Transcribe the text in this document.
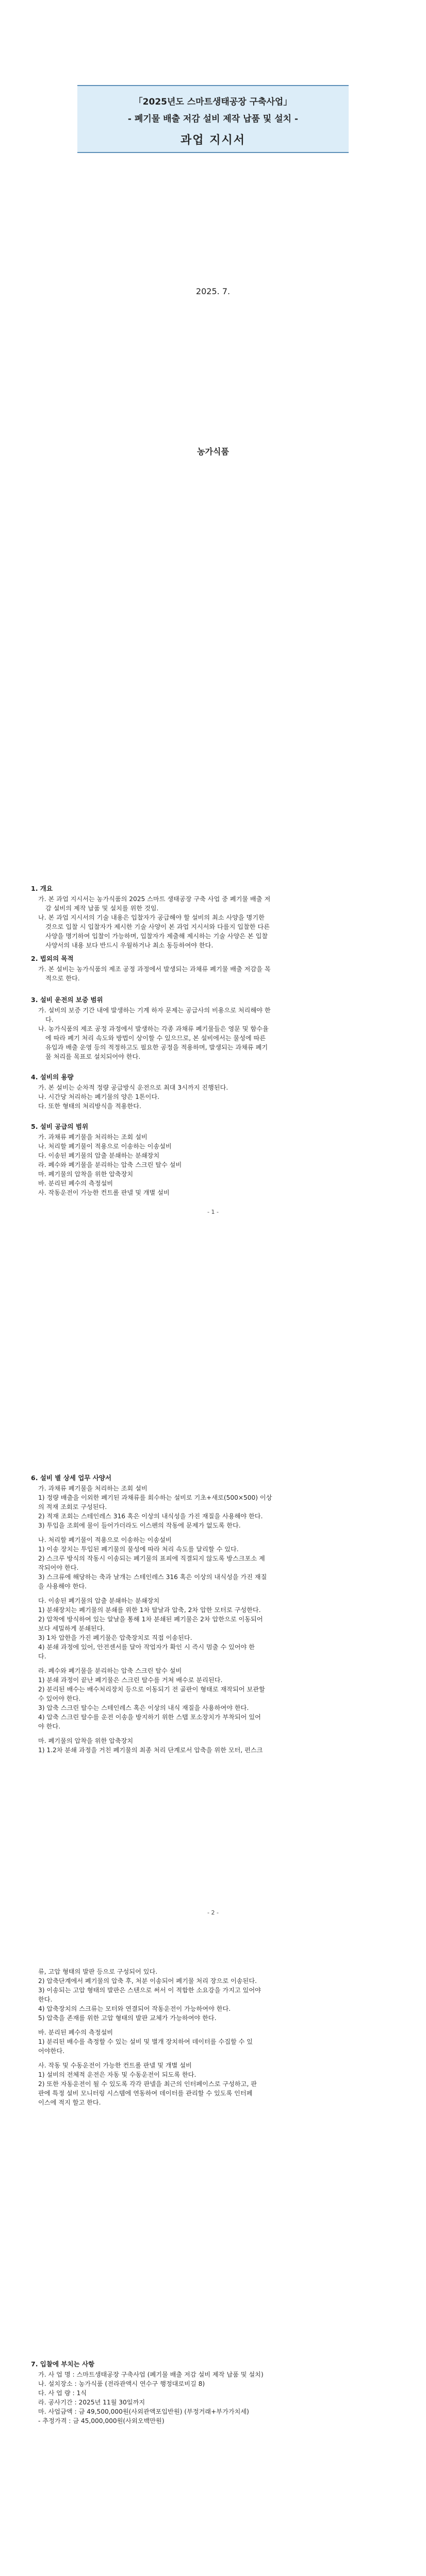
「2025년도 스마트생태공장 구축사업」
- 폐기물 배출 저감 설비 제작 납품 및 설치 -
과업 지시서
2025. 7.
농가식품
1. 개요

가. 본 과업 지시서는 농가식품의 2025 스마트 생태공장 구축 사업 중 폐기물 배출 저

감 설비의 제작 납품 및 설치를 위한 것임.

나. 본 과업 지시서의 기술 내용은 입찰자가 공급해야 할 설비의 최소 사양을 명기한

것으로 입찰 시 입찰자가 제시한 기술 사양이 본 과업 지시서와 다를지 입찰한 다른

사양을 명기하여 입찰이 가능하며, 입찰자가 제출해 제시하는 기술 사양은 본 입찰

사양서의 내용 보다 반드시 우월하거나 최소 동등하여야 한다.

2. 법외의 목적

가. 본 설비는 농가식품의 제조 공정 과정에서 발생되는 과채류 폐기물 배출 저감을 목

적으로 한다.

3. 설비 운전의 보증 범위

가. 설비의 보증 기간 내에 발생하는 기계 하자 문제는 공급사의 비용으로 처리해야 한

다.

나. 농가식품의 제조 공정 과정에서 발생하는 각종 과채류 폐기물들은 영문 및 함수율

에 따라 폐기 처리 속도와 방법이 상이할 수 있으므로, 본 설비에서는 물성에 따른

유입과 배출 운영 등의 적정하고도 필요한 공정을 적용하며, 발생되는 과채류 폐기

물 처리를 목표로 설치되어야 한다.

4. 설비의 용량

가. 본 설비는 순차적 정량 공급방식 운전으로 최대 3시까지 진행된다.

나. 시간당 처리하는 폐기물의 양은 1톤이다.

다. 또한 형태의 처리방식을 적용한다.

5. 설비 공급의 범위

가. 과채류 폐기물을 처리하는 조회 설비

나. 처리할 폐기물이 적용으로 이송하는 이송설비

다. 이송된 폐기물의 압출 분쇄하는 분쇄장치

라. 폐수와 폐기물을 분리하는 압축 스크린 탈수 설비

마. 폐기물의 압착을 위한 압축장치

바. 분리된 폐수의 측정설비

사. 작동운전이 가능한 컨트롤 판넬 및 개별 설비

- 1 -
6. 설비 별 상세 업무 사양서

가. 과채류 폐기물을 처리하는 조회 설비

1) 정량 배출을 이외한 폐기된 과채류를 회수하는 설비로 기초+새로(500×500) 이상

의 적재 조회로 구성된다.

2) 적재 조회는 스테인레스 316 혹은 이상의 내식성을 가진 재질을 사용해야 한다.

3) 투입을 조회에 물이 들어가더라도 이스펜의 작동에 문제가 없도록 한다.

나. 처리할 폐기물이 적용으로 이송하는 이송설비

1) 이송 장치는 투입된 폐기물의 물성에 따라 처리 속도를 달리할 수 있다.

2) 스크루 방식의 작동시 이송되는 폐기물의 표피에 직결되지 않도록 방스크포소 제

작되어야 한다.

3) 스크류에 해당하는 축과 날개는 스테인레스 316 혹은 이상의 내식성을 가진 재질

을 사용해야 한다.

다. 이송된 폐기물의 압출 분쇄하는 분쇄장치

1) 분쇄장치는 폐기물의 분쇄를 위한 1차 탈날과 압축, 2차 압한 모터로 구성한다.

2) 압착에 방식하여 있는 알날을 통해 1차 분쇄된 폐기물은 2차 압한으로 이동되어

보다 세밀하게 분쇄된다.

3) 1차 압한을 가진 폐기물은 압축장치로 직접 이송된다.

4) 분쇄 과정에 있어, 안전센서를 달아 작업자가 확인 시 즉시 멈출 수 있어야 한

다.

라. 폐수와 폐기물을 분리하는 압축 스크린 탈수 설비

1) 분쇄 과정이 끝난 폐기물은 스크린 탈수를 거쳐 배수로 분리된다.

2) 분리된 배수는 배수처리장치 등으로 이동되기 전 골판이 형태로 재작되어 보관할

수 있어야 한다.

3) 압축 스크린 탈수는 스테인레스 혹은 이상의 내식 재질을 사용하여야 한다.

4) 압축 스크린 탈수를 운전 이송을 방지하기 위한 스탭 포소장치가 부착되어 있어

야 한다.

마. 폐기물의 압착을 위한 압축장치

1) 1.2차 분쇄 과정을 거친 폐기물의 최종 처리 단계로서 압축을 위한 모터, 펀스크

- 2 -

류, 고압 형태의 발판 등으로 구성되어 있다.

2) 압축단계에서 폐기물의 압축 후, 처분 이송되어 폐기물 처리 장으로 이송된다.

3) 이송되는 고압 형태의 발판은 스텐으로 써서 이 적합한 소요강을 가지고 있어야

한다.

4) 압축장치의 스크류는 모터와 연결되어 작동운전이 가능하여야 한다.

5) 압축을 존재를 위한 고압 형태의 발판 교체가 가능하여야 한다.

바. 분리된 폐수의 측정설비

1) 분리된 배수를 측정할 수 있는 설비 및 별개 장치하여 데이터를 수집할 수 있

어야한다.

사. 작동 및 수동운전이 가능한 컨트롤 판넬 및 개별 설비

1) 설비의 전체적 운전은 자동 및 수동운전이 되도록 한다.

2) 또한 자동운전이 될 수 있도록 각각 판넬을 최근의 인터페이스로 구성하고, 판

판에 특정 설비 모니터링 시스템에 연동하여 데이터를 관리할 수 있도록 인터페

이스에 적지 할고 한다.

7. 입찰에 부치는 사항

가. 사 업 명 : 스마트생태공장 구축사업 (폐기물 배출 저감 설비 제작 납품 및 설치)

나. 설치장소 : 농가식품 (전라관액시 연수구 행정대로비길 8)

다. 사 업 량 : 1식

라. 공사기간 : 2025년 11월 30일까지

마. 사업금액 : 금 49,500,000원(사외관액포입반원) (부정거래+부가가치세)

- 추정가격 : 금 45,000,000원(사외오백만원)
